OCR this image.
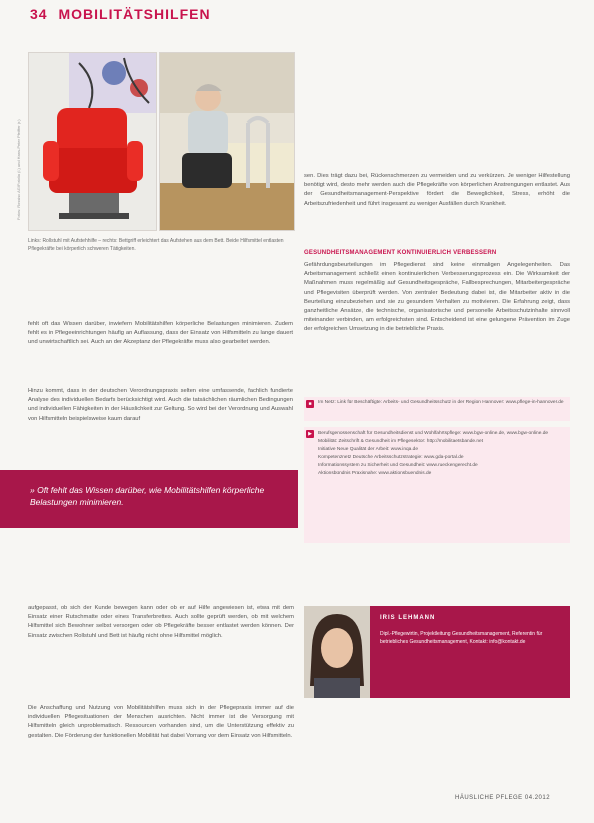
34 MOBILITÄTSHILFEN
Fotos: Rossisc AG/Fotolia (l.) und Hans-Peter Pfeiffer (r.)
Links: Rollstuhl mit Aufstehhilfe – rechts: Bettgriff erleichtert das Aufstehen aus dem Bett. Beide Hilfsmittel entlasten Pflegekräfte bei körperlich schweren Tätigkeiten.
fehlt oft das Wissen darüber, inwiefern Mobilitätshilfen körperliche Belastungen minimieren. Zudem fehlt es in Pflegeeinrichtungen häufig an Auflassung, dass der Einsatz von Hilfsmitteln zu lange dauert und unwirtschaftlich sei. Auch an der Akzeptanz der Pflegekräfte muss also gearbeitet werden.
Hinzu kommt, dass in der deutschen Verordnungspraxis selten eine umfassende, fachlich fundierte Analyse des individuellen Bedarfs berücksichtigt wird. Auch die tatsächlichen räumlichen Bedingungen und individuellen Fähigkeiten in der Häuslichkeit zur Geltung. So wird bei der Verordnung und Auswahl von Hilfsmitteln beispielsweise kaum darauf
» Oft fehlt das Wissen darüber, wie Mobilitätshilfen körperliche Belastungen minimieren.
sen. Dies trägt dazu bei, Rückenschmerzen zu vermeiden und zu verkürzen. Je weniger Hilfestellung benötigt wird, desto mehr werden auch die Pflegekräfte von körperlichen Anstrengungen entlastet. Aus der Gesundheitsmanagement-Perspektive fördert die Beweglichkeit, Stress, erhöht die Arbeitszufriedenheit und führt insgesamt zu weniger Ausfällen durch Krankheit.
GESUNDHEITSMANAGEMENT KONTINUIERLICH VERBESSERN
Gefährdungsbeurteilungen im Pflegedienst sind keine einmaligen Angelegenheiten. Das Arbeitsmanagement schließt einen kontinuierlichen Verbesserungsprozess ein. Die Wirksamkeit der Maßnahmen muss regelmäßig auf Gesundheitsgespräche, Fallbesprechungen, Mitarbeitergespräche und Pflegevisiten überprüft werden. Von zentraler Bedeutung dabei ist, die Mitarbeiter aktiv in die Beurteilung einzubeziehen und sie zu gesundem Verhalten zu motivieren. Die Erfahrung zeigt, dass ganzheitliche Ansätze, die technische, organisatorische und personelle Arbeitsschutzinhalte sinnvoll miteinander verbinden, am erfolgreichsten sind. Entscheidend ist eine gelungene Prävention im Zuge der erfolgreichen Umsetzung in die betriebliche Praxis.
■	Im Netz: Link für Beschäftigte: Arbeits- und Gesundheitsschutz in der Region Hannover: www.pflege-in-hannover.de
▶	Berufsgenossenschaft für Gesundheitsdienst und Wohlfahrtspflege: www.bgw-online.de, www.bgw-online.de
Mobilität: Zeitschrift & Gesundheit im Pflegesektor: http://mobilitaetsbande.net
Initiative Neue Qualität der Arbeit: www.inqa.de
Kompetenznetz Deutsche Arbeitsschutzstrategie: www.gda-portal.de
Informationssystem zu Sicherheit und Gesundheit: www.rueckengerecht.de
Aktionsbündnis Praxisnahe: www.aktionsbuendnis.de
aufgepasst, ob sich der Kunde bewegen kann oder ob er auf Hilfe angewiesen ist, etwa mit dem Einsatz einer Rutschmatte oder eines Transferbrettes. Auch sollte geprüft werden, ob mit welchem Hilfsmittel sich Bewohner selbst versorgen oder ob Pflegekräfte besser entlastet werden können. Der Einsatz zwischen Rollstuhl und Bett ist häufig nicht ohne Hilfsmittel möglich.
Die Anschaffung und Nutzung von Mobilitätshilfen muss sich in der Pflegepraxis immer auf die individuellen Pflegesituationen der Menschen ausrichten. Nicht immer ist die Versorgung mit Hilfsmitteln gleich unproblematisch. Ressourcen vorhanden sind, um die Unterstützung effektiv zu gestalten. Die Förderung der funktionellen Mobilität hat dabei Vorrang vor dem Einsatz von Hilfsmitteln.
IRIS LEHMANN
Dipl.-Pflegewirtin, Projektleitung Gesundheitsmanagement, Referentin für betriebliches Gesundheitsmanagement, Kontakt: info@kontakt.de
HÄUSLICHE PFLEGE 04.2012
